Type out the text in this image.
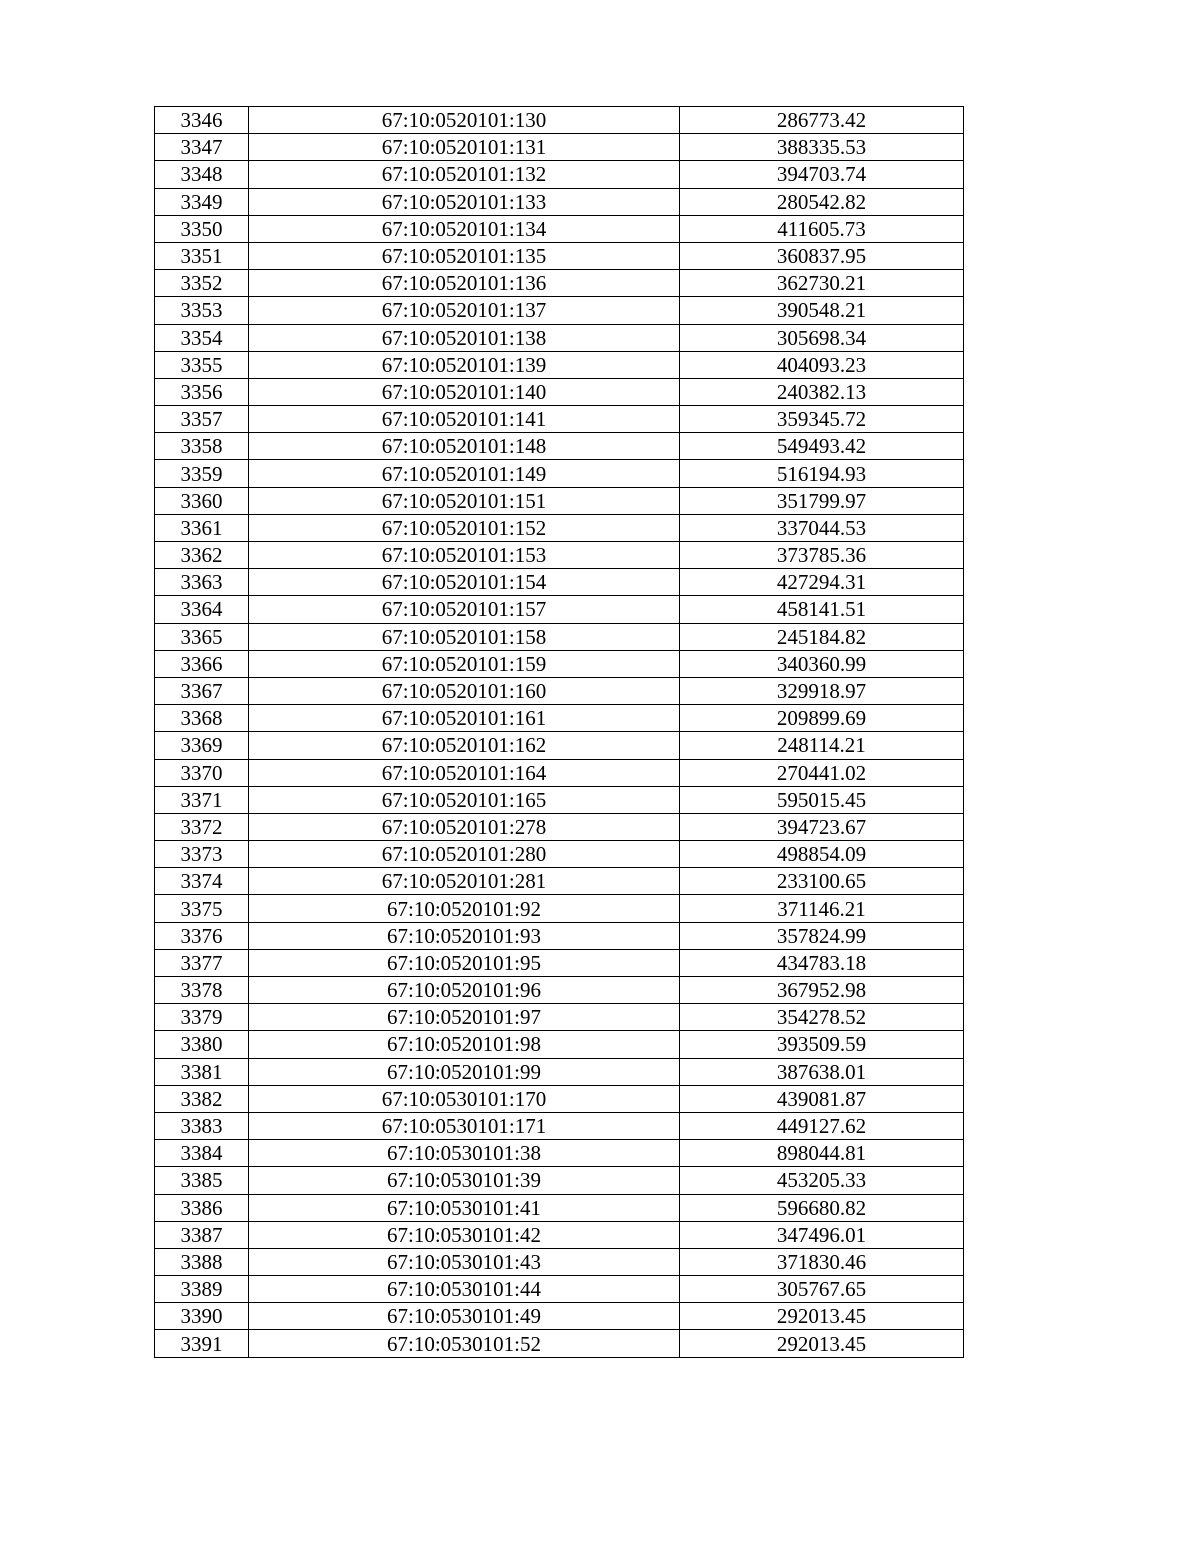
3346	67:10:0520101:130	286773.42
3347	67:10:0520101:131	388335.53
3348	67:10:0520101:132	394703.74
3349	67:10:0520101:133	280542.82
3350	67:10:0520101:134	411605.73
3351	67:10:0520101:135	360837.95
3352	67:10:0520101:136	362730.21
3353	67:10:0520101:137	390548.21
3354	67:10:0520101:138	305698.34
3355	67:10:0520101:139	404093.23
3356	67:10:0520101:140	240382.13
3357	67:10:0520101:141	359345.72
3358	67:10:0520101:148	549493.42
3359	67:10:0520101:149	516194.93
3360	67:10:0520101:151	351799.97
3361	67:10:0520101:152	337044.53
3362	67:10:0520101:153	373785.36
3363	67:10:0520101:154	427294.31
3364	67:10:0520101:157	458141.51
3365	67:10:0520101:158	245184.82
3366	67:10:0520101:159	340360.99
3367	67:10:0520101:160	329918.97
3368	67:10:0520101:161	209899.69
3369	67:10:0520101:162	248114.21
3370	67:10:0520101:164	270441.02
3371	67:10:0520101:165	595015.45
3372	67:10:0520101:278	394723.67
3373	67:10:0520101:280	498854.09
3374	67:10:0520101:281	233100.65
3375	67:10:0520101:92	371146.21
3376	67:10:0520101:93	357824.99
3377	67:10:0520101:95	434783.18
3378	67:10:0520101:96	367952.98
3379	67:10:0520101:97	354278.52
3380	67:10:0520101:98	393509.59
3381	67:10:0520101:99	387638.01
3382	67:10:0530101:170	439081.87
3383	67:10:0530101:171	449127.62
3384	67:10:0530101:38	898044.81
3385	67:10:0530101:39	453205.33
3386	67:10:0530101:41	596680.82
3387	67:10:0530101:42	347496.01
3388	67:10:0530101:43	371830.46
3389	67:10:0530101:44	305767.65
3390	67:10:0530101:49	292013.45
3391	67:10:0530101:52	292013.45
